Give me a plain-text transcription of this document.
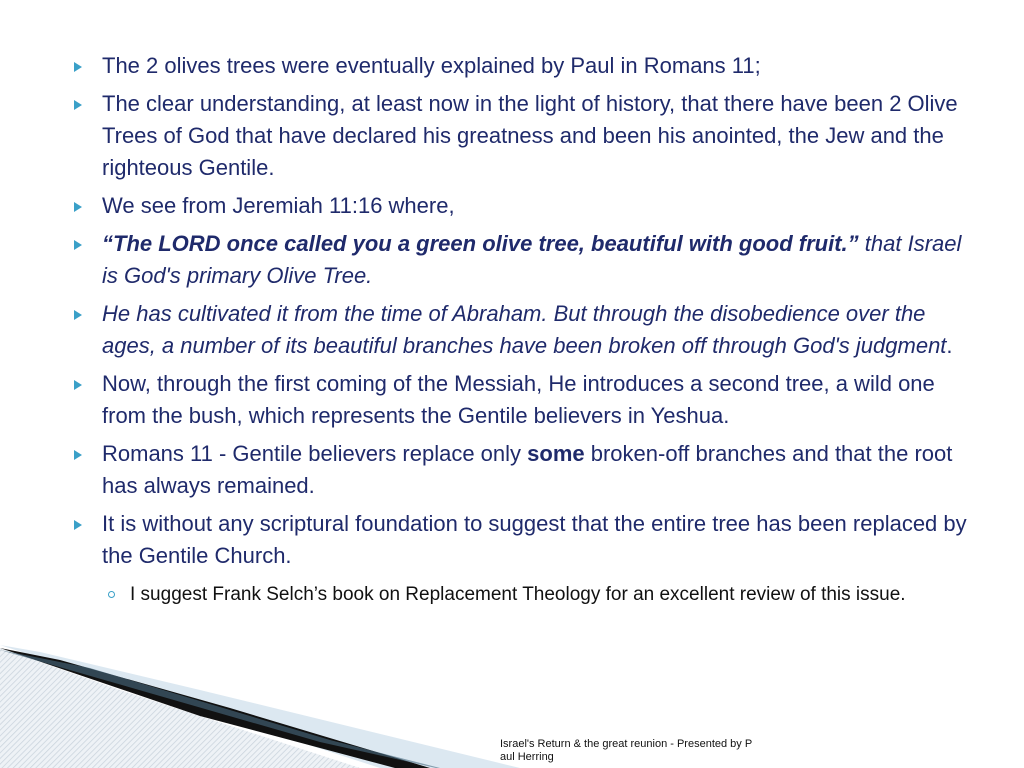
The 2 olives trees were eventually explained by Paul in Romans 11;
The clear understanding, at least now in the light of history, that there have been 2 Olive Trees of God that have declared his greatness and been his anointed, the Jew and the righteous Gentile.
We see from Jeremiah 11:16 where,
“The LORD once called you a green olive tree, beautiful with good fruit.” that Israel is God's primary Olive Tree.
He has cultivated it from the time of Abraham. But through the disobedience over the ages, a number of its beautiful branches have been broken off through God's judgment.
Now, through the first coming of the Messiah, He introduces a second tree, a wild one from the bush, which represents the Gentile believers in Yeshua.
Romans 11 - Gentile believers replace only some broken-off branches and that the root has always remained.
It is without any scriptural foundation to suggest that the entire tree has been replaced by the Gentile Church.
I suggest Frank Selch’s book on Replacement Theology for an excellent review of this issue.
Israel's Return & the great reunion - Presented by Paul Herring
